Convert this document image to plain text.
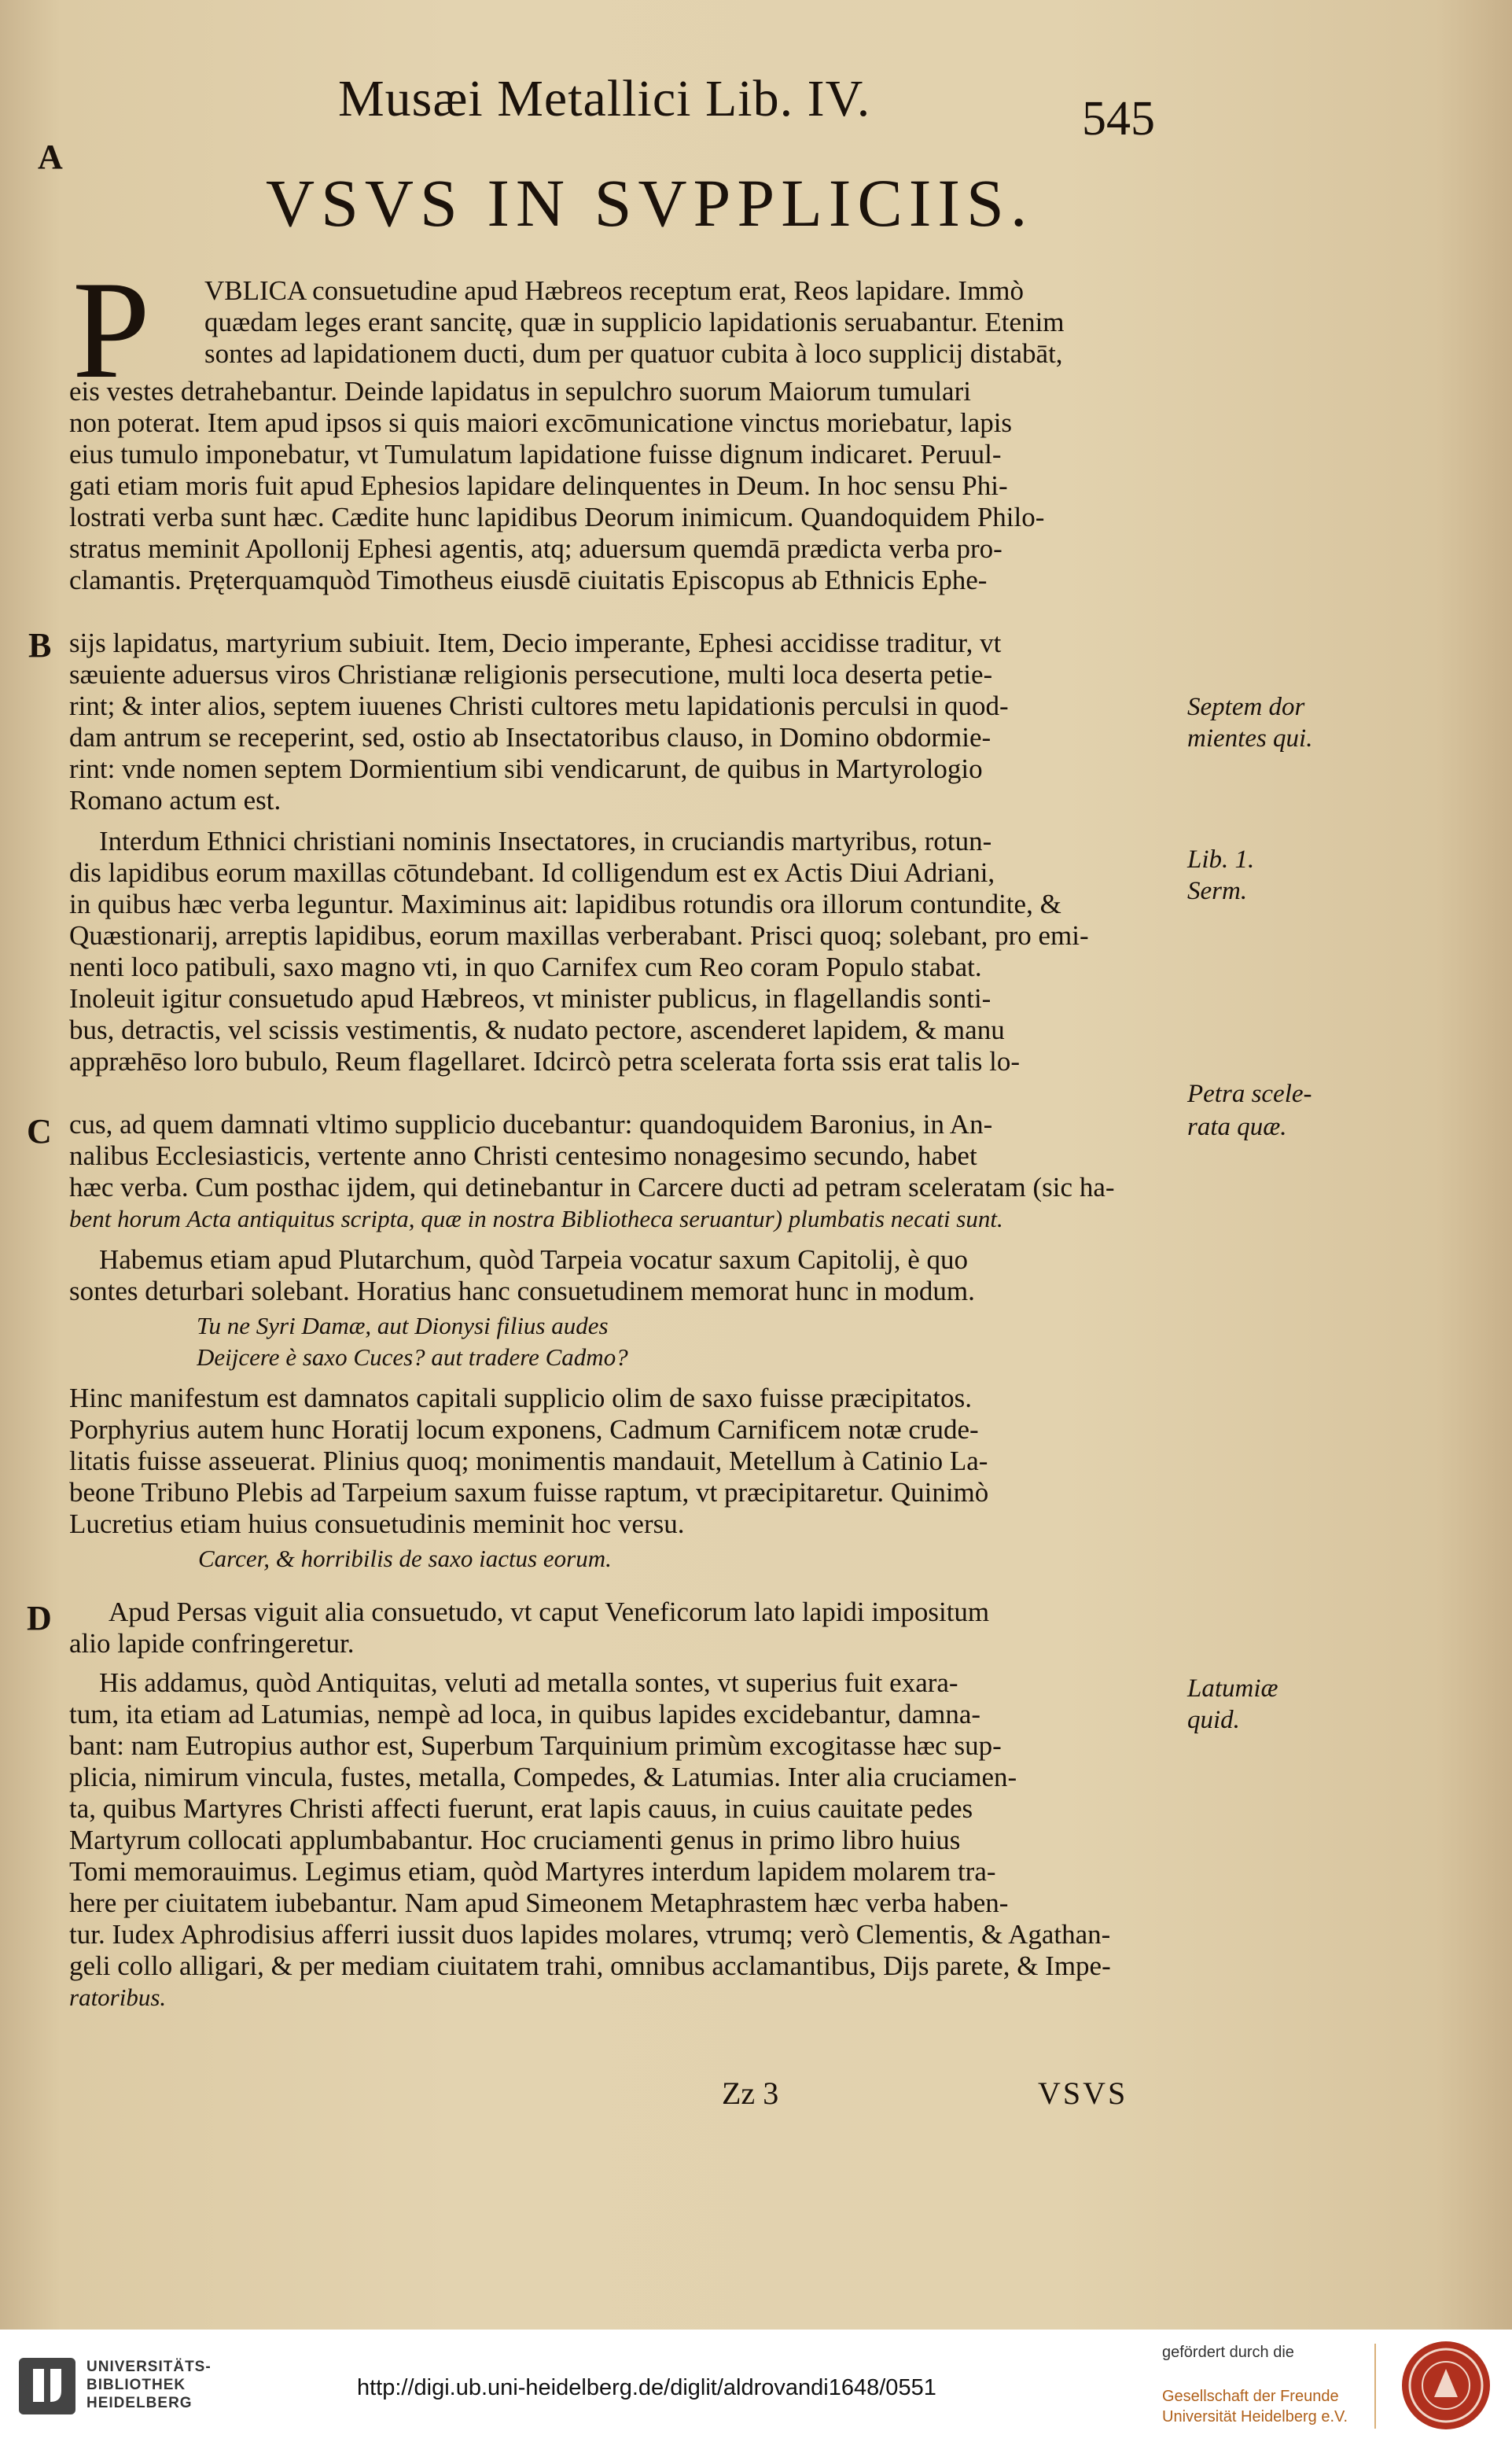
Musæi Metallici Lib. IV.	545
A
VSVS IN SVPPLICIIS.
P
B
C
D
VBLICA consuetudine apud Hæbreos receptum erat, Reos lapidare. Immò
quædam leges erant sancitę, quæ in supplicio lapidationis seruabantur. Etenim
sontes ad lapidationem ducti, dum per quatuor cubita à loco supplicij distabāt,
eis vestes detrahebantur. Deinde lapidatus in sepulchro suorum Maiorum tumulari
non poterat. Item apud ipsos si quis maiori excōmunicatione vinctus moriebatur, lapis
eius tumulo imponebatur, vt Tumulatum lapidatione fuisse dignum indicaret. Peruul-
gati etiam moris fuit apud Ephesios lapidare delinquentes in Deum. In hoc sensu Phi-
lostrati verba sunt hæc. Cædite hunc lapidibus Deorum inimicum. Quandoquidem Philo-
stratus meminit Apollonij Ephesi agentis, atq; aduersum quemdā prædicta verba pro-
clamantis. Pręterquamquòd Timotheus eiusdē ciuitatis Episcopus ab Ethnicis Ephe-
sijs lapidatus, martyrium subiuit. Item, Decio imperante, Ephesi accidisse traditur, vt
sæuiente aduersus viros Christianæ religionis persecutione, multi loca deserta petie-
rint; & inter alios, septem iuuenes Christi cultores metu lapidationis perculsi in quod-
dam antrum se receperint, sed, ostio ab Insectatoribus clauso, in Domino obdormie-
rint: vnde nomen septem Dormientium sibi vendicarunt, de quibus in Martyrologio
Romano actum est.
Interdum Ethnici christiani nominis Insectatores, in cruciandis martyribus, rotun-
dis lapidibus eorum maxillas cōtundebant. Id colligendum est ex Actis Diui Adriani,
in quibus hæc verba leguntur. Maximinus ait: lapidibus rotundis ora illorum contundite, &
Quæstionarij, arreptis lapidibus, eorum maxillas verberabant. Prisci quoq; solebant, pro emi-
nenti loco patibuli, saxo magno vti, in quo Carnifex cum Reo coram Populo stabat.
Inoleuit igitur consuetudo apud Hæbreos, vt minister publicus, in flagellandis sonti-
bus, detractis, vel scissis vestimentis, & nudato pectore, ascenderet lapidem, & manu
appræhēso loro bubulo, Reum flagellaret. Idcircò petra scelerata forta ssis erat talis lo-
cus, ad quem damnati vltimo supplicio ducebantur: quandoquidem Baronius, in An-
nalibus Ecclesiasticis, vertente anno Christi centesimo nonagesimo secundo, habet
hæc verba. Cum posthac ijdem, qui detinebantur in Carcere ducti ad petram sceleratam (sic ha-
bent horum Acta antiquitus scripta, quæ in nostra Bibliotheca seruantur) plumbatis necati sunt.
Habemus etiam apud Plutarchum, quòd Tarpeia vocatur saxum Capitolij, è quo
sontes deturbari solebant. Horatius hanc consuetudinem memorat hunc in modum.
Tu ne Syri Damæ, aut Dionysi filius audes
Deijcere è saxo Cuces? aut tradere Cadmo?
Hinc manifestum est damnatos capitali supplicio olim de saxo fuisse præcipitatos.
Porphyrius autem hunc Horatij locum exponens, Cadmum Carnificem notæ crude-
litatis fuisse asseuerat. Plinius quoq; monimentis mandauit, Metellum à Catinio La-
beone Tribuno Plebis ad Tarpeium saxum fuisse raptum, vt præcipitaretur. Quinimò
Lucretius etiam huius consuetudinis meminit hoc versu.
Carcer, & horribilis de saxo iactus eorum.
Apud Persas viguit alia consuetudo, vt caput Veneficorum lato lapidi impositum
alio lapide confringeretur.
His addamus, quòd Antiquitas, veluti ad metalla sontes, vt superius fuit exara-
tum, ita etiam ad Latumias, nempè ad loca, in quibus lapides excidebantur, damna-
bant: nam Eutropius author est, Superbum Tarquinium primùm excogitasse hæc sup-
plicia, nimirum vincula, fustes, metalla, Compedes, & Latumias. Inter alia cruciamen-
ta, quibus Martyres Christi affecti fuerunt, erat lapis cauus, in cuius cauitate pedes
Martyrum collocati applumbabantur. Hoc cruciamenti genus in primo libro huius
Tomi memorauimus. Legimus etiam, quòd Martyres interdum lapidem molarem tra-
here per ciuitatem iubebantur. Nam apud Simeonem Metaphrastem hæc verba haben-
tur. Iudex Aphrodisius afferri iussit duos lapides molares, vtrumq; verò Clementis, & Agathan-
geli collo alligari, & per mediam ciuitatem trahi, omnibus acclamantibus, Dijs parete, & Impe-
ratoribus.
Septem dor
mientes qui.
Lib. 1.
Serm.
Petra scele-
rata quæ.
Latumiæ
quid.
Zz 3	VSVS
UNIVERSITÄTS-
BIBLIOTHEK
HEIDELBERG
http://digi.ub.uni-heidelberg.de/diglit/aldrovandi1648/0551
gefördert durch die
Gesellschaft der Freunde
Universität Heidelberg e.V.
